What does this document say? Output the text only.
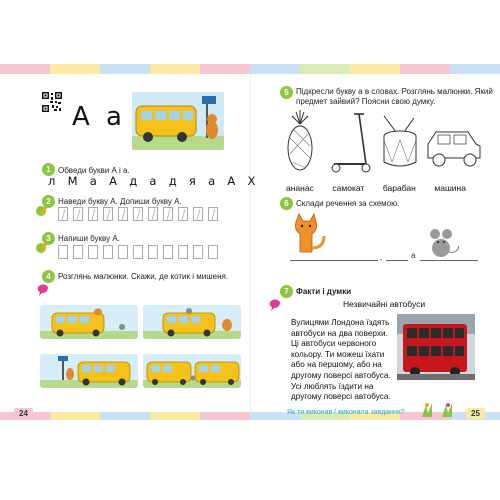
А а
1 Обведи букви А і а.
л М а А д а д я а А Х
2 Наведи букву А. Допиши букву А.
3 Напиши букву А.
4 Розглянь малюнки. Скажи, де котик і мишеня.
24
5 Підкресли букву а в словах. Розглянь малюнки. Який
предмет зайвий? Поясни свою думку.
ананас самокат барабан машина
6 Склади речення за схемою.
,	а
7 Факти і думки
Незвичайні автобуси
Вулицями Лондона їздять автобуси на два поверхи. Ці автобуси червоного кольору. Ти можеш їхати або на першому, або на другому поверсі автобуса. Усі люблять їздити на другому поверсі автобуса.
Як ти виконав / виконала завдання?	25
